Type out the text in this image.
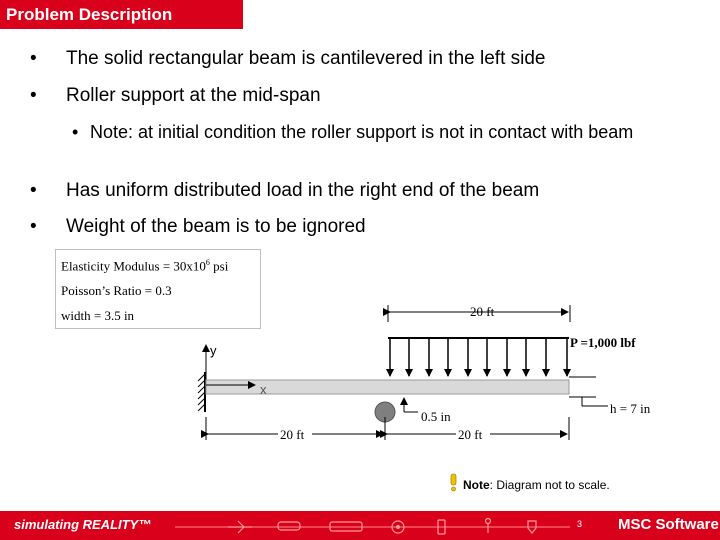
Problem Description
• The solid rectangular beam is cantilevered in the left side
• Roller support at the mid-span
• Note: at initial condition the roller support is not in contact with beam
• Has uniform distributed load in the right end of the beam
• Weight of the beam is to be ignored
Elasticity Modulus = $30x10^6$ psi
Poisson’s Ratio = 0.3
width = 3.5 in	20 ft
P =1,000 lbf
y
x
0.5 in
h = 7 in
20 ft	20 ft
Note: Diagram not to scale.
simulating REALITY™	3 MSC Software
